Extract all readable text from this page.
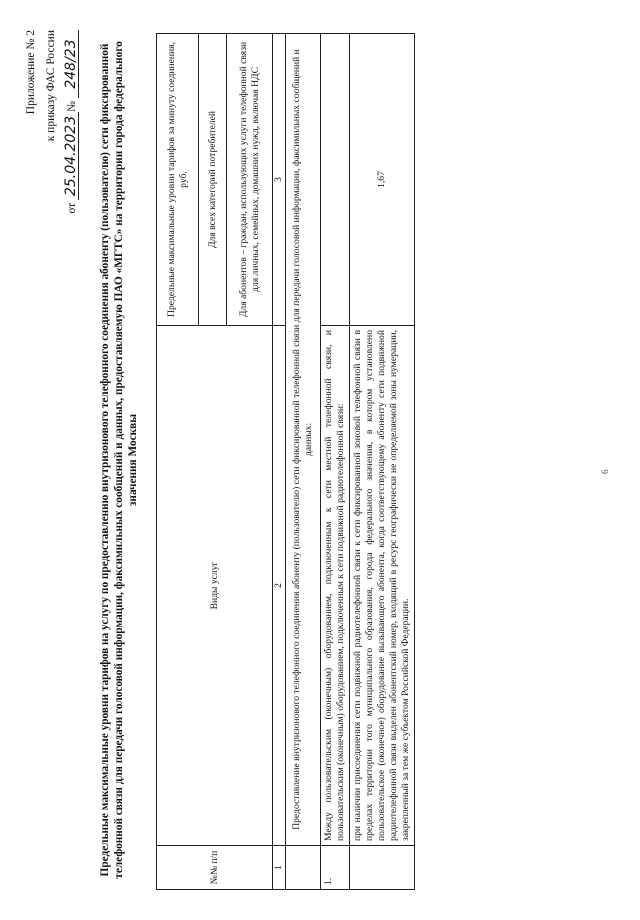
6
Приложение № 2 к приказу ФАС России
от 25.04.2023№ 248/23 Предельные максимальные уровни тарифов на услугу по предоставлению внутризонового телефонного соединения абоненту (пользователю) сети фиксированной телефонной связи для передачи голосовой информации, факсимильных сообщений и данных, предоставляемую ПАО «МГТС» на территории города федерального значения Москвы
№№ п/п	Виды услуг	Предельные максимальные уровни тарифов за минуту соединения, руб.
		Для всех категорий потребителей
		Для абонентов – граждан, использующих услуги телефонной связи для личных, семейных, домашних нужд, включая НДС
1	2	3
	Предоставление внутризонового телефонного соединения абоненту (пользователю) сети фиксированной телефонной связи для передачи голосовой информации, факсимильных сообщений и данных:	
1.	Между пользовательским (оконечным) оборудованием, подключенным к сети местной телефонной связи, и пользовательским (оконечным) оборудованием, подключенным к сети подвижной радиотелефонной связи:	
	при наличии присоединения сети подвижной радиотелефонной связи к сети фиксированной зоновой телефонной связи в пределах территории того муниципального образования, города федерального значения, в котором установлено пользовательское (оконечное) оборудование вызывающего абонента, когда соответствующему абоненту сети подвижной радиотелефонной связи выделен абонентский номер, входящий в ресурс географически не определяемой зоны нумерации, закрепленный за тем же субъектом Российской Федерации.	1,67
